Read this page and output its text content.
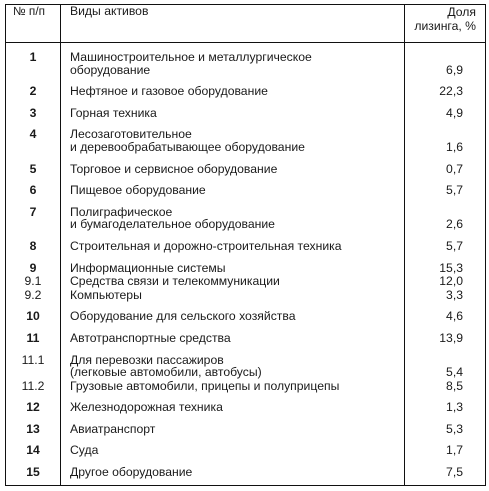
№ п/п	Виды активов	Доля
лизинга, %

1	Машиностроительное и металлургическое
оборудование	6,9
2	Нефтяное и газовое оборудование	22,3
3	Горная техника	4,9
4	Лесозаготовительное
и деревообрабатывающее оборудование	1,6
5	Торговое и сервисное оборудование	0,7
6	Пищевое оборудование	5,7
7	Полиграфическое
и бумагоделательное оборудование	2,6
8	Строительная и дорожно-строительная техника	5,7
9	Информационные системы	15,3
9.1	Средства связи и телекоммуникации	12,0
9.2	Компьютеры	3,3
10	Оборудование для сельского хозяйства	4,6
11	Автотранспортные средства	13,9
11.1	Для перевозки пассажиров
(легковые автомобили, автобусы)	5,4
11.2	Грузовые автомобили, прицепы и полуприцепы	8,5
12	Железнодорожная техника	1,3
13	Авиатранспорт	5,3
14	Суда	1,7
15	Другое оборудование	7,5
